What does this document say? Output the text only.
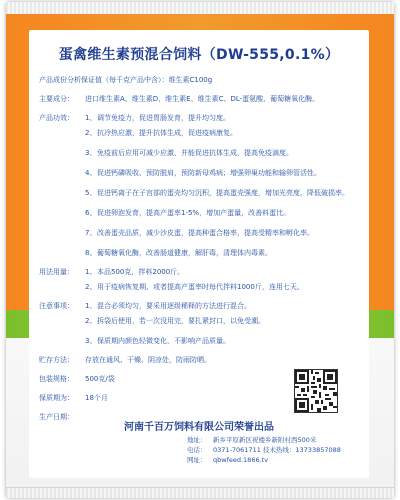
蛋禽维生素预混合饲料（DW-555,0.1%）
产品成份分析保证值（每千克产品中含）： 维生素C100g
主要成分：	进口维生素A、维生素D、维生素E、维生素C、DL-蛋氨酸、葡萄糖氧化酶。
产品功效：	1、 调节免疫力，促进胃肠发育，提升均匀度。
2、 抗冷热应激，提升抗体生成，促进疫病康复。
3、 免疫前后应用可减少应激，并能促进抗体生成，提高免疫滴度。
4、 促进钙磷吸收、预防脱肩，预防新母鸡病；增强卵巢功能和输卵管活性。
5、 促进钙离子在子宫部的蛋壳均匀沉积，提高蛋壳强度，增加光亮度，降低破损率。
6、 促进卵泡发育，提高产蛋率1-5%，增加产蛋量，改善料蛋比。
7、 改善蛋壳品质，减少沙皮蛋，提高种蛋合格率，提高受精率和孵化率。
8、 葡萄糖氧化酶，改善肠道健康，解肝毒，清理体内毒素。
用法用量：	1、 本品500克，拌料2000斤。
2、 用于疫病恢复期、或者提高产蛋率时每代拌料1000斤，连用七天。
注意事项：	1、 混合必须均匀，要采用逐级稀释的方法进行混合。
2、 拆袋后使用，若一次没用完，要扎紧封口，以免受潮。
3、 保质期内颜色轻微变化，不影响产品质量。
贮存方法：	存放在通风、干燥、阴凉处，防雨防晒。
包装规格：	500克/袋
保质期为：	18个月
生产日期：
河南千百万饲料有限公司荣誉出品
地址： 新乡平原新区祝楼乡新附村西500米
电话： 0371-7061711 技术热线：13733857088
网址： qbwfeed.1866.tv
